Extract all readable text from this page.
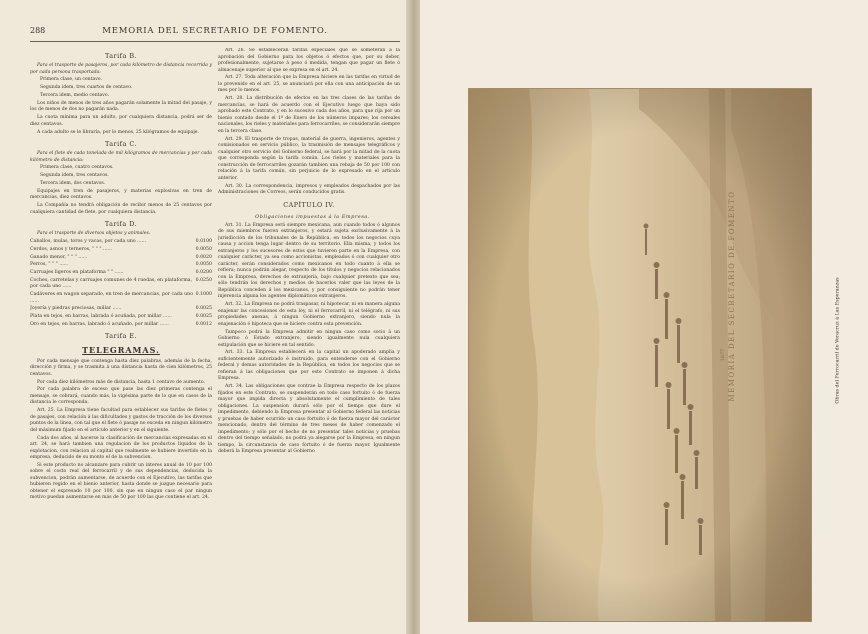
288	MEMORIA DEL SECRETARIO DE FOMENTO.

Tarifa B.

Para el trasporte de pasajeros, por cada kilómetro de distancia recorrida y por cada persona trasportada:

Primera clase, un centavo.

Segunda idem, tres cuartos de centavo.

Tercera idem, medio centavo.

Los niños de menos de tres años pagarán solamente la mitad del pasaje, y los de menos de dos no pagarán nada.

La cuota mínima para un adulto, por cualquiera distancia, podrá ser de diez centavos.

A cada adulto se le libraría, por lo menos, 25 kilógramos de equipaje.

Tarifa C.

Para el flete de cada tonelada de mil kilógramos de mercancías y por cada kilómetro de distancia:

Primera clase, cuatro centavos.

Segunda idem, tres centavos.

Tercera idem, dos centavos.

Equipajes en tren de pasajeros, y materias explosivas en tren de mercancías, diez centavos.

La Compañía no tendrá obligación de recibir menos de 25 centavos por cualquiera cantidad de flete, por cualquiera distancia.

Tarifa D.

Para el trasporte de diversos objetos y animales.

Caballos, mulas, toros y vacas, por cada uno ......	0.0100
Cerdos, asnos y terneros, " " " ......	0.0050
Ganado menor, " " " ......	0.0020
Perros, " " " ......	0.0050
Carruajes ligeros en plataforma " " ......	0.0200
Coches, carretelas y carruajes comunes de 4 ruedas, en plataforma, por cada uno ......
0.0250
Cadáveres en wagon separado, en tren de mercancías, por cada uno ......
0.1000
Joyería y piedras preciosas, millar ......	0.0025
Plata en tejos, en barras, labrada ó acuñada, por millar ......	0.0025
Oro en tejos, en barras, labrado ó acuñado, por millar ......	0.0012

Tarifa E.

TELEGRAMAS.

Por cada mensaje que contenga hasta diez palabras, además de la fecha, dirección y firma, y se trasmita á una distancia hasta de cien kilómetros, 25 centavos.

Por cada diez kilómetros más de distancia, hasta 1 centavo de aumento.

Por cada palabra de exceso que pase las diez primeras contenga el mensaje, se cobrará, cuando más, la vigésima parte de lo que en casos de la distancia le corresponda.

Art. 25. La Empresa tiene facultad para establecer sus tarifas de fletes y de pasajes, con relación á las dificultades y gastos de tracción de los diversos puntos de la línea, con tal que el flete ó pasaje no exceda en ningun kilómetro del máximum fijado en el artículo anterior y en el siguiente.

Cada dos años, al hacerse la clasificación de mercancías expresadas en el art. 24, se hará tambien una regulacion de los productos líquidos de la explotacion, con relacion al capital que realmente se hubiere invertido en la empresa, deducido de su monto el de la subvencion.

Si este producto no alcanzare para cubrir un interes anual de 10 por 100 sobre el costo real del ferrocarril y de sus dependencias, deducida la subvencion, podrán aumentarse, de acuerdo con el Ejecutivo, las tarifas que hubieren regido en el bienio anterior, hasta donde se juzgue necesario para obtener el expresado 10 por 100, sin que en ningun caso el par ningun motivo puedan aumentarse en más de 50 por 100 las que contiene el art. 24.

Art. 26. Se establecerán tarifas especiales que se someterán á la aprobación del Gobierno para los objetos ó efectos que, por su deber, profesionalmente, sujetarse á peso ó medida, tengan que pagar un flete ó almacenaje superior al que se expresa en el art. 24.

Art. 27. Toda alteración que la Empresa hiciere en las tarifas en virtud de lo prevenido en el art. 25, se anunciará por ella con una anticipación de un mes por lo menos.

Art. 28. La distribución de efectos en las tres clases de las tarifas de mercancías, se hará de acuerdo con el Ejecutivo luego que haya sido aprobado este Contrato, y en lo sucesivo cada dos años, para que rija por un bienio contado desde el 1º de Enero de los números impares; los cereales nacionales, los rieles y materiales para ferrocarriles, se considerarán siempre en la tercera clase.

Art. 29. El trasporte de tropas, material de guerra, ingenieros, agentes y comisionados en servicio público, la trasmisión de mensajes telegráficos y cualquier otro servicio del Gobierno federal, se hará por la mitad de la cuota que corresponda según la tarifa común. Los rieles y materiales para la construcción de ferrocarriles gozarán tambien una rebaja de 50 por 100 con relación á la tarifa común, sin perjuicio de lo expresado en el artículo anterior.

Art. 30. La correspondencia, impresos y empleados despachados por las Administraciones de Correos, serán conducidos gratis.

CAPÍTULO IV.

Obligaciones impuestas á la Empresa.

Art. 31. La Empresa será siempre mexicana, aun cuando todos ó algunos de sus miembros fueren extranjeros, y estará sujeta exclusivamente á la jurisdicción de los tribunales de la República, en todos los negocios cuya causa y accion tenga lugar dentro de su territorio. Ella misma, y todos los extranjeros y los sucesores de estos que tuvieren parte en la Empresa, con cualquier carácter, ya sea como accionistas, empleados ó con cualquier otro carácter, serán considerados como mexicanos en todo cuanto á ella se refiera; nunca podrán alegar, respecto de los títulos y negocios relacionados con la Empresa, derechos de extranjería, bajo cualquier pretexto que sea; sólo tendrán los derechos y medios de hacerlos valer que las leyes de la República conceden á los mexicanos, y por consiguiente no podrán tener injerencia alguna los agentes diplomáticos extranjeros.

Art. 32. La Empresa no podrá traspasar, ni hipotecar, ni en manera alguna enajenar las concesiones de esta ley, ni el ferrocarril, ni el telégrafo, ni sus propiedades anexas, á ningun Gobierno extranjero, siendo nula la enajenación ó hipoteca que se hiciere contra esta prevención.

Tampoco podrá la Empresa admitir en ningun caso como socio á un Gobierno ó Estado extranjero, siendo igualmente nula cualquiera estipulación que se hiciere en tal sentido.

Art. 33. La Empresa establecerá en la capital un apoderado amplia y suficientemente autorizado é instruido, para entenderse con el Gobierno federal y demas autoridades de la República, en todos los negocios que se refieran á las obligaciones que por este Contrato se imponen á dicha Empresa.

Art. 34. Las obligaciones que contrae la Empresa respecto de los plazos fijados en este Contrato, se suspenderán en todo caso fortuito ó de fuerza mayor que impida directa y absolutamente el cumplimiento de tales obligaciones. La suspension durará sólo por el tiempo que dure el impedimento, debiendo la Empresa presentar al Gobierno federal las noticias y pruebas de haber ocurrido un caso fortuito ó de fuerza mayor del carácter mencionado, dentro del término de tres meses de haber comenzado el impedimento; y sólo por el hecho de no presentar tales noticias y pruebas dentro del tiempo señalado, no podrá ya alegarse por la Empresa, en ningun tiempo, la circunstancia de caso fortuito ó de fuerza mayor. Igualmente deberá la Empresa presentar al Gobierno

MEMORIA DEL SECRETARIO DE FOMENTO
1877	Obras del Ferrocarril de Veracruz á Las Esperanzas
